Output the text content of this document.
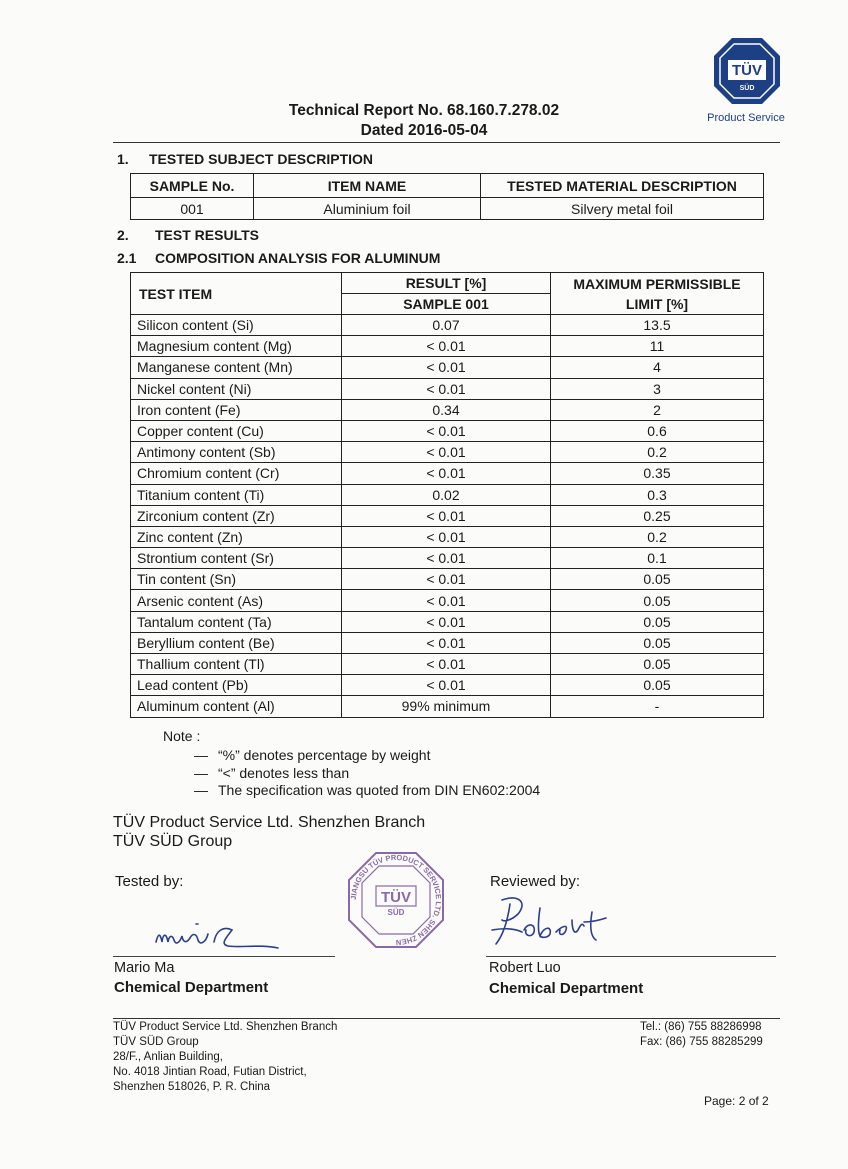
Technical Report No. 68.160.7.278.02
Dated 2016-05-04
TÜV
SÜD
Product Service
1. TESTED SUBJECT DESCRIPTION
SAMPLE No.	ITEM NAME	TESTED MATERIAL DESCRIPTION
001	Aluminium foil	Silvery metal foil
2. TEST RESULTS
2.1 COMPOSITION ANALYSIS FOR ALUMINUM
TEST ITEM	RESULT [%]	MAXIMUM PERMISSIBLE LIMIT [%]
	SAMPLE 001	
Silicon content (Si)	0.07	13.5
Magnesium content (Mg)	< 0.01	11
Manganese content (Mn)	< 0.01	4
Nickel content (Ni)	< 0.01	3
Iron content (Fe)	0.34	2
Copper content (Cu)	< 0.01	0.6
Antimony content (Sb)	< 0.01	0.2
Chromium content (Cr)	< 0.01	0.35
Titanium content (Ti)	0.02	0.3
Zirconium content (Zr)	< 0.01	0.25
Zinc content (Zn)	< 0.01	0.2
Strontium content (Sr)	< 0.01	0.1
Tin content (Sn)	< 0.01	0.05
Arsenic content (As)	< 0.01	0.05
Tantalum content (Ta)	< 0.01	0.05
Beryllium content (Be)	< 0.01	0.05
Thallium content (Tl)	< 0.01	0.05
Lead content (Pb)	< 0.01	0.05
Aluminum content (Al)	99% minimum	-
Note :
— “%” denotes percentage by weight
— “<” denotes less than
— The specification was quoted from DIN EN602:2004
TÜV Product Service Ltd. Shenzhen Branch
TÜV SÜD Group
Tested by:
Mario Ma
Chemical Department
JIANGSU TÜV PRODUCT SERVICE LTD. SHEN ZHEN
TÜV
SÜD
Reviewed by:
Robert Luo
Chemical Department
TÜV Product Service Ltd. Shenzhen Branch
TÜV SÜD Group
28/F., Anlian Building,
No. 4018 Jintian Road, Futian District,
Shenzhen 518026, P. R. China
Tel.: (86) 755 88286998
Fax: (86) 755 88285299
Page: 2 of 2
